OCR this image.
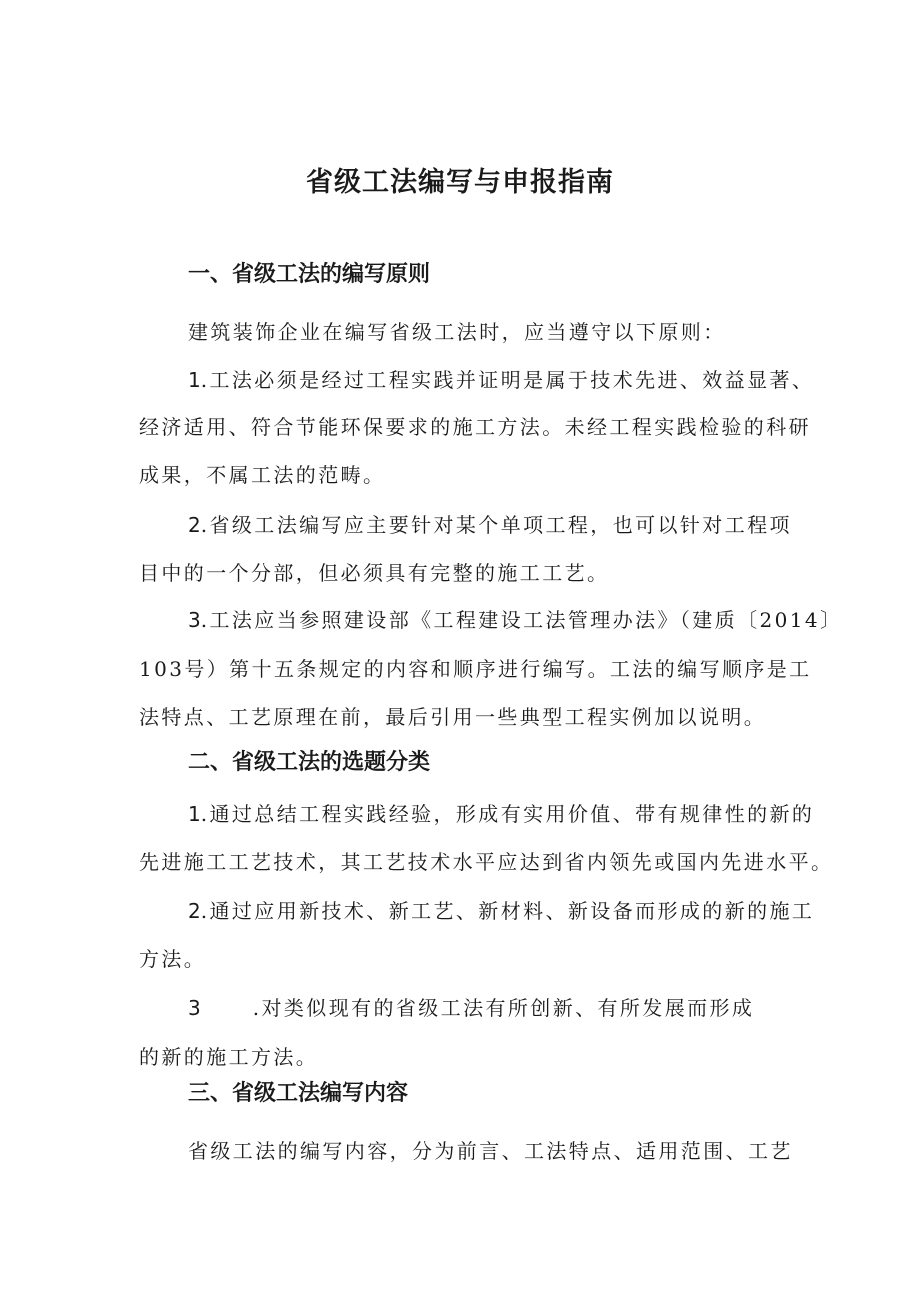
省级工法编写与申报指南
一、省级工法的编写原则
建筑装饰企业在编写省级工法时，应当遵守以下原则：
1.工法必须是经过工程实践并证明是属于技术先进、效益显著、
经济适用、符合节能环保要求的施工方法。未经工程实践检验的科研
成果，不属工法的范畴。
2.省级工法编写应主要针对某个单项工程，也可以针对工程项
目中的一个分部，但必须具有完整的施工工艺。
3.工法应当参照建设部《工程建设工法管理办法》（建质〔2014〕
103号）第十五条规定的内容和顺序进行编写。工法的编写顺序是工
法特点、工艺原理在前，最后引用一些典型工程实例加以说明。
二、省级工法的选题分类
1.通过总结工程实践经验，形成有实用价值、带有规律性的新的
先进施工工艺技术，其工艺技术水平应达到省内领先或国内先进水平。
2.通过应用新技术、新工艺、新材料、新设备而形成的新的施工
方法。
3	.对类似现有的省级工法有所创新、有所发展而形成
的新的施工方法。
三、省级工法编写内容
省级工法的编写内容，分为前言、工法特点、适用范围、工艺
